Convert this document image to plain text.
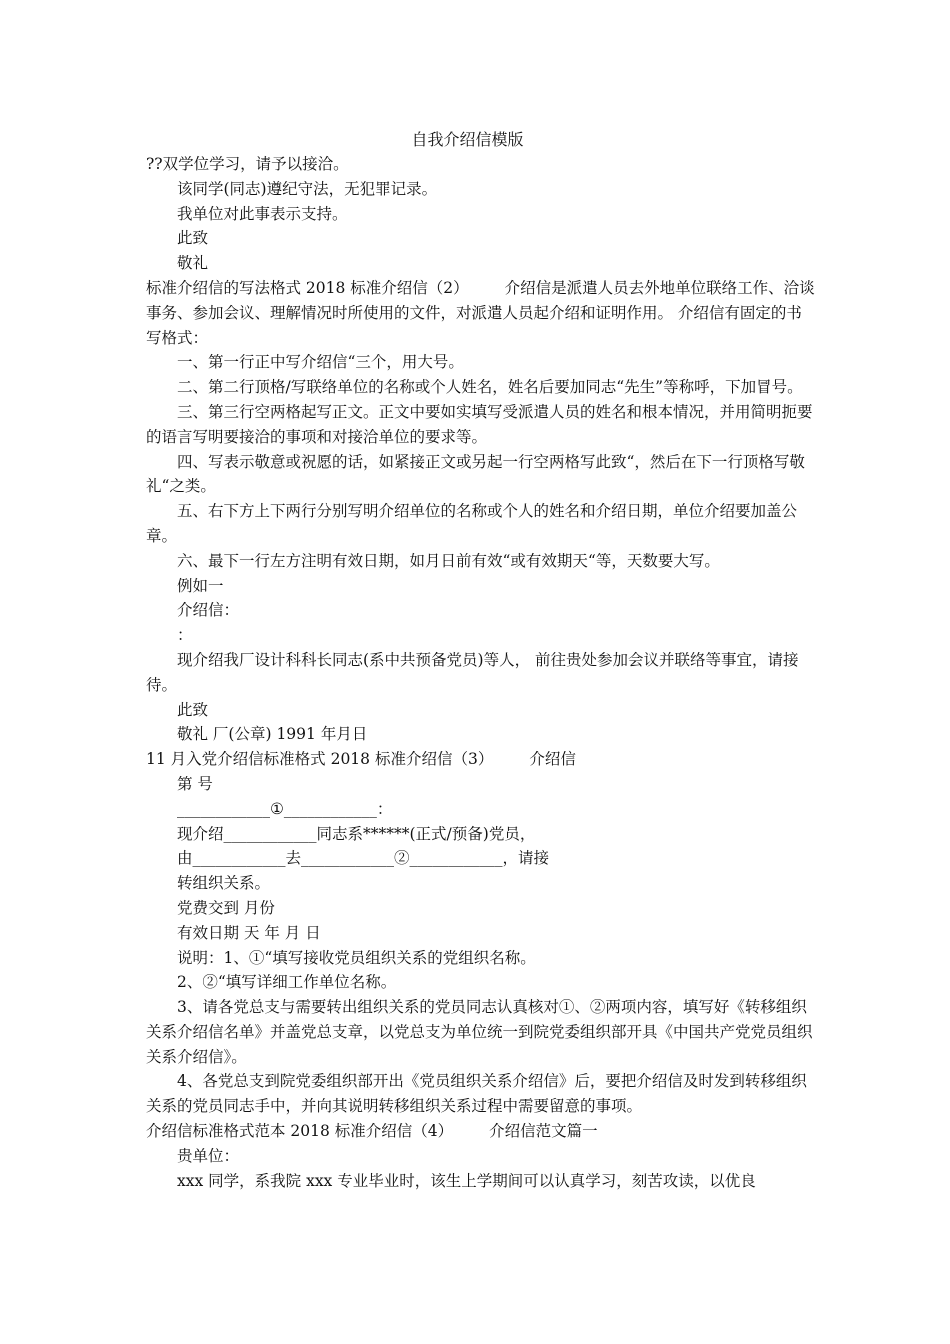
自我介绍信模版

??双学位学习，请予以接洽。

该同学(同志)遵纪守法，无犯罪记录。

我单位对此事表示支持。

此致

敬礼

标准介绍信的写法格式 2018 标准介绍信（2） 介绍信是派遣人员去外地单位联络工作、洽谈事务、参加会议、理解情况时所使用的文件，对派遣人员起介绍和证明作用。 介绍信有固定的书写格式：

一、第一行正中写介绍信“三个，用大号。

二、第二行顶格/写联络单位的名称或个人姓名，姓名后要加同志“先生”等称呼，下加冒号。

三、第三行空两格起写正文。正文中要如实填写受派遣人员的姓名和根本情况，并用简明扼要的语言写明要接洽的事项和对接洽单位的要求等。

四、写表示敬意或祝愿的话，如紧接正文或另起一行空两格写此致“，然后在下一行顶格写敬礼“之类。

五、右下方上下两行分别写明介绍单位的名称或个人的姓名和介绍日期，单位介绍要加盖公章。

六、最下一行左方注明有效日期，如月日前有效“或有效期天“等，天数要大写。

例如一

介绍信：

：

现介绍我厂设计科科长同志(系中共预备党员)等人， 前往贵处参加会议并联络等事宜，请接待。

此致

敬礼 厂(公章) 1991 年月日

11 月入党介绍信标准格式 2018 标准介绍信（3） 介绍信

第 号

____________①____________：

现介绍____________同志系******(正式/预备)党员，

由____________去____________②____________，请接

转组织关系。

党费交到 月份

有效日期 天 年 月 日

说明：1、①“填写接收党员组织关系的党组织名称。

2、②“填写详细工作单位名称。

3、请各党总支与需要转出组织关系的党员同志认真核对①、②两项内容，填写好《转移组织关系介绍信名单》并盖党总支章，以党总支为单位统一到院党委组织部开具《中国共产党党员组织关系介绍信》。

4、各党总支到院党委组织部开出《党员组织关系介绍信》后，要把介绍信及时发到转移组织关系的党员同志手中，并向其说明转移组织关系过程中需要留意的事项。

介绍信标准格式范本 2018 标准介绍信（4） 介绍信范文篇一

贵单位：

xxx 同学，系我院 xxx 专业毕业时，该生上学期间可以认真学习，刻苦攻读，以优良
